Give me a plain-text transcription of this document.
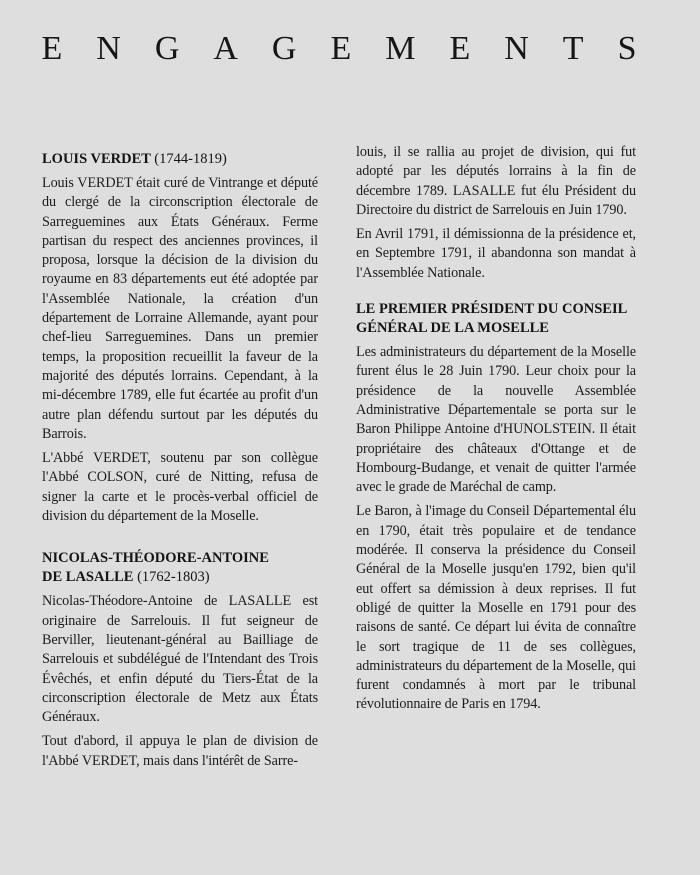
ENGAGEMENTS
LOUIS VERDET (1744-1819)

Louis VERDET était curé de Vintrange et député du clergé de la circonscription électorale de Sarreguemines aux États Généraux. Ferme partisan du respect des anciennes provinces, il proposa, lorsque la décision de la division du royaume en 83 départements eut été adoptée par l'Assemblée Nationale, la création d'un département de Lorraine Allemande, ayant pour chef-lieu Sarreguemines. Dans un premier temps, la proposition recueillit la faveur de la majorité des députés lorrains. Cependant, à la mi-décembre 1789, elle fut écartée au profit d'un autre plan défendu surtout par les députés du Barrois.

L'Abbé VERDET, soutenu par son collègue l'Abbé COLSON, curé de Nitting, refusa de signer la carte et le procès-verbal officiel de division du département de la Moselle.

NICOLAS-THÉODORE-ANTOINE
DE LASALLE (1762-1803)

Nicolas-Théodore-Antoine de LASALLE est originaire de Sarrelouis. Il fut seigneur de Berviller, lieutenant-général au Bailliage de Sarrelouis et subdélégué de l'Intendant des Trois Évêchés, et enfin député du Tiers-État de la circonscription électorale de Metz aux États Généraux.

Tout d'abord, il appuya le plan de division de l'Abbé VERDET, mais dans l'intérêt de Sarre-

louis, il se rallia au projet de division, qui fut adopté par les députés lorrains à la fin de décembre 1789. LASALLE fut élu Président du Directoire du district de Sarrelouis en Juin 1790.

En Avril 1791, il démissionna de la présidence et, en Septembre 1791, il abandonna son mandat à l'Assemblée Nationale.

LE PREMIER PRÉSIDENT DU CONSEIL
GÉNÉRAL DE LA MOSELLE

Les administrateurs du département de la Moselle furent élus le 28 Juin 1790. Leur choix pour la présidence de la nouvelle Assemblée Administrative Départementale se porta sur le Baron Philippe Antoine d'HUNOLSTEIN. Il était propriétaire des châteaux d'Ottange et de Hombourg-Budange, et venait de quitter l'armée avec le grade de Maréchal de camp.

Le Baron, à l'image du Conseil Départemental élu en 1790, était très populaire et de tendance modérée. Il conserva la présidence du Conseil Général de la Moselle jusqu'en 1792, bien qu'il eut offert sa démission à deux reprises. Il fut obligé de quitter la Moselle en 1791 pour des raisons de santé. Ce départ lui évita de connaître le sort tragique de 11 de ses collègues, administrateurs du département de la Moselle, qui furent condamnés à mort par le tribunal révolutionnaire de Paris en 1794.
